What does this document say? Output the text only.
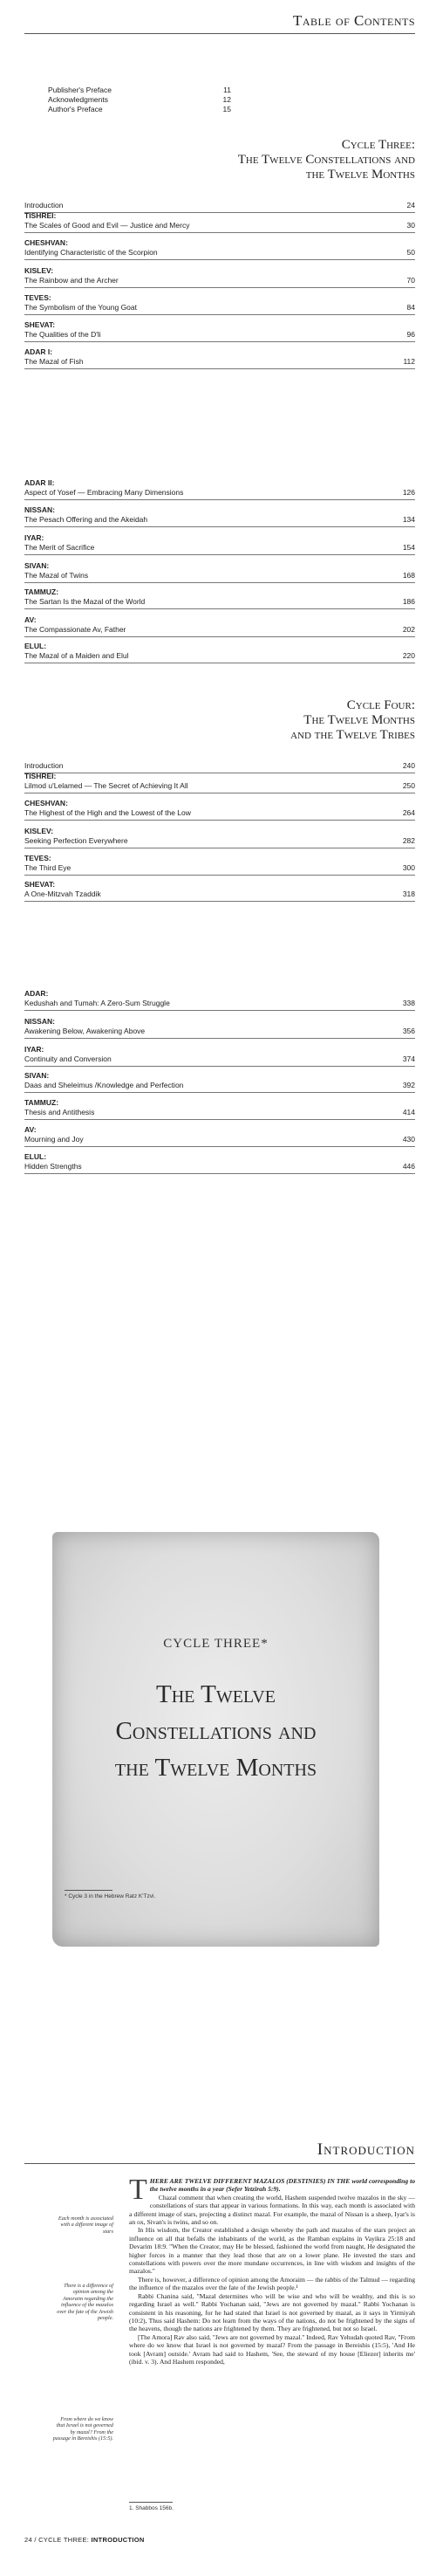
Table of Contents
Publisher's Preface	11
Acknowledgments	12
Author's Preface	15
Cycle Three:
The Twelve Constellations and
the Twelve Months
Introduction	24
TISHREI:
The Scales of Good and Evil — Justice and Mercy	30
CHESHVAN:
Identifying Characteristic of the Scorpion	50
KISLEV:
The Rainbow and the Archer	70
TEVES:
The Symbolism of the Young Goat	84
SHEVAT:
The Qualities of the D'li	96
ADAR I:
The Mazal of Fish	112
ADAR II:
Aspect of Yosef — Embracing Many Dimensions	126
NISSAN:
The Pesach Offering and the Akeidah	134
IYAR:
The Merit of Sacrifice	154
SIVAN:
The Mazal of Twins	168
TAMMUZ:
The Sartan Is the Mazal of the World	186
AV:
The Compassionate Av, Father	202
ELUL:
The Mazal of a Maiden and Elul	220
Cycle Four:
The Twelve Months
and the Twelve Tribes
Introduction	240
TISHREI:
Lilmod u'Lelamed — The Secret of Achieving It All	250
CHESHVAN:
The Highest of the High and the Lowest of the Low	264
KISLEV:
Seeking Perfection Everywhere	282
TEVES:
The Third Eye	300
SHEVAT:
A One-Mitzvah Tzaddik	318
ADAR:
Kedushah and Tumah: A Zero-Sum Struggle	338
NISSAN:
Awakening Below, Awakening Above	356
IYAR:
Continuity and Conversion	374
SIVAN:
Daas and Sheleimus /Knowledge and Perfection	392
TAMMUZ:
Thesis and Antithesis	414
AV:
Mourning and Joy	430
ELUL:
Hidden Strengths	446
CYCLE THREE*
The Twelve
Constellations and
the Twelve Months
* Cycle 3 in the Hebrew Ratz K'Tzvi.
Introduction
Each month is associated with a different image of stars
There is a difference of opinion among the Amoraim regarding the influence of the mazalos over the fate of the Jewish people.
From where do we know that Israel is not governed by mazal? From the passage in Bereishis (15:5).

THERE ARE TWELVE DIFFERENT MAZALOS (DESTINIES) IN THE world corresponding to the twelve months in a year (Sefer Yetzirah 5:9).

Chazal comment that when creating the world, Hashem suspended twelve mazalos in the sky — constellations of stars that appear in various formations. In this way, each month is associated with a different image of stars, projecting a distinct mazal. For example, the mazal of Nissan is a sheep, Iyar's is an ox, Sivan's is twins, and so on.

In His wisdom, the Creator established a design whereby the path and mazalos of the stars project an influence on all that befalls the inhabitants of the world, as the Ramban explains in Vayikra 25:18 and Devarim 18:9. "When the Creator, may He be blessed, fashioned the world from naught, He designated the higher forces in a manner that they lead those that are on a lower plane. He invested the stars and constellations with powers over the more mundane occurrences, in line with wisdom and insights of the mazalos."

There is, however, a difference of opinion among the Amoraim — the rabbis of the Talmud — regarding the influence of the mazalos over the fate of the Jewish people.¹

Rabbi Chanina said, "Mazal determines who will be wise and who will be wealthy, and this is so regarding Israel as well." Rabbi Yochanan said, "Jews are not governed by mazal." Rabbi Yochanan is consistent in his reasoning, for he had stated that Israel is not governed by mazal, as it says in Yirmiyah (10:2), Thus said Hashem: Do not learn from the ways of the nations, do not be frightened by the signs of the heavens, though the nations are frightened by them. They are frightened, but not so Israel.

[The Amora] Rav also said, "Jews are not governed by mazal." Indeed, Rav Yehudah quoted Rav, "From where do we know that Israel is not governed by mazal? From the passage in Bereishis (15:5), 'And He took [Avram] outside.' Avram had said to Hashem, 'See, the steward of my house [Eliezer] inherits me' (ibid. v. 3). And Hashem responded,

1. Shabbos 156b.
24 / CYCLE THREE: INTRODUCTION
